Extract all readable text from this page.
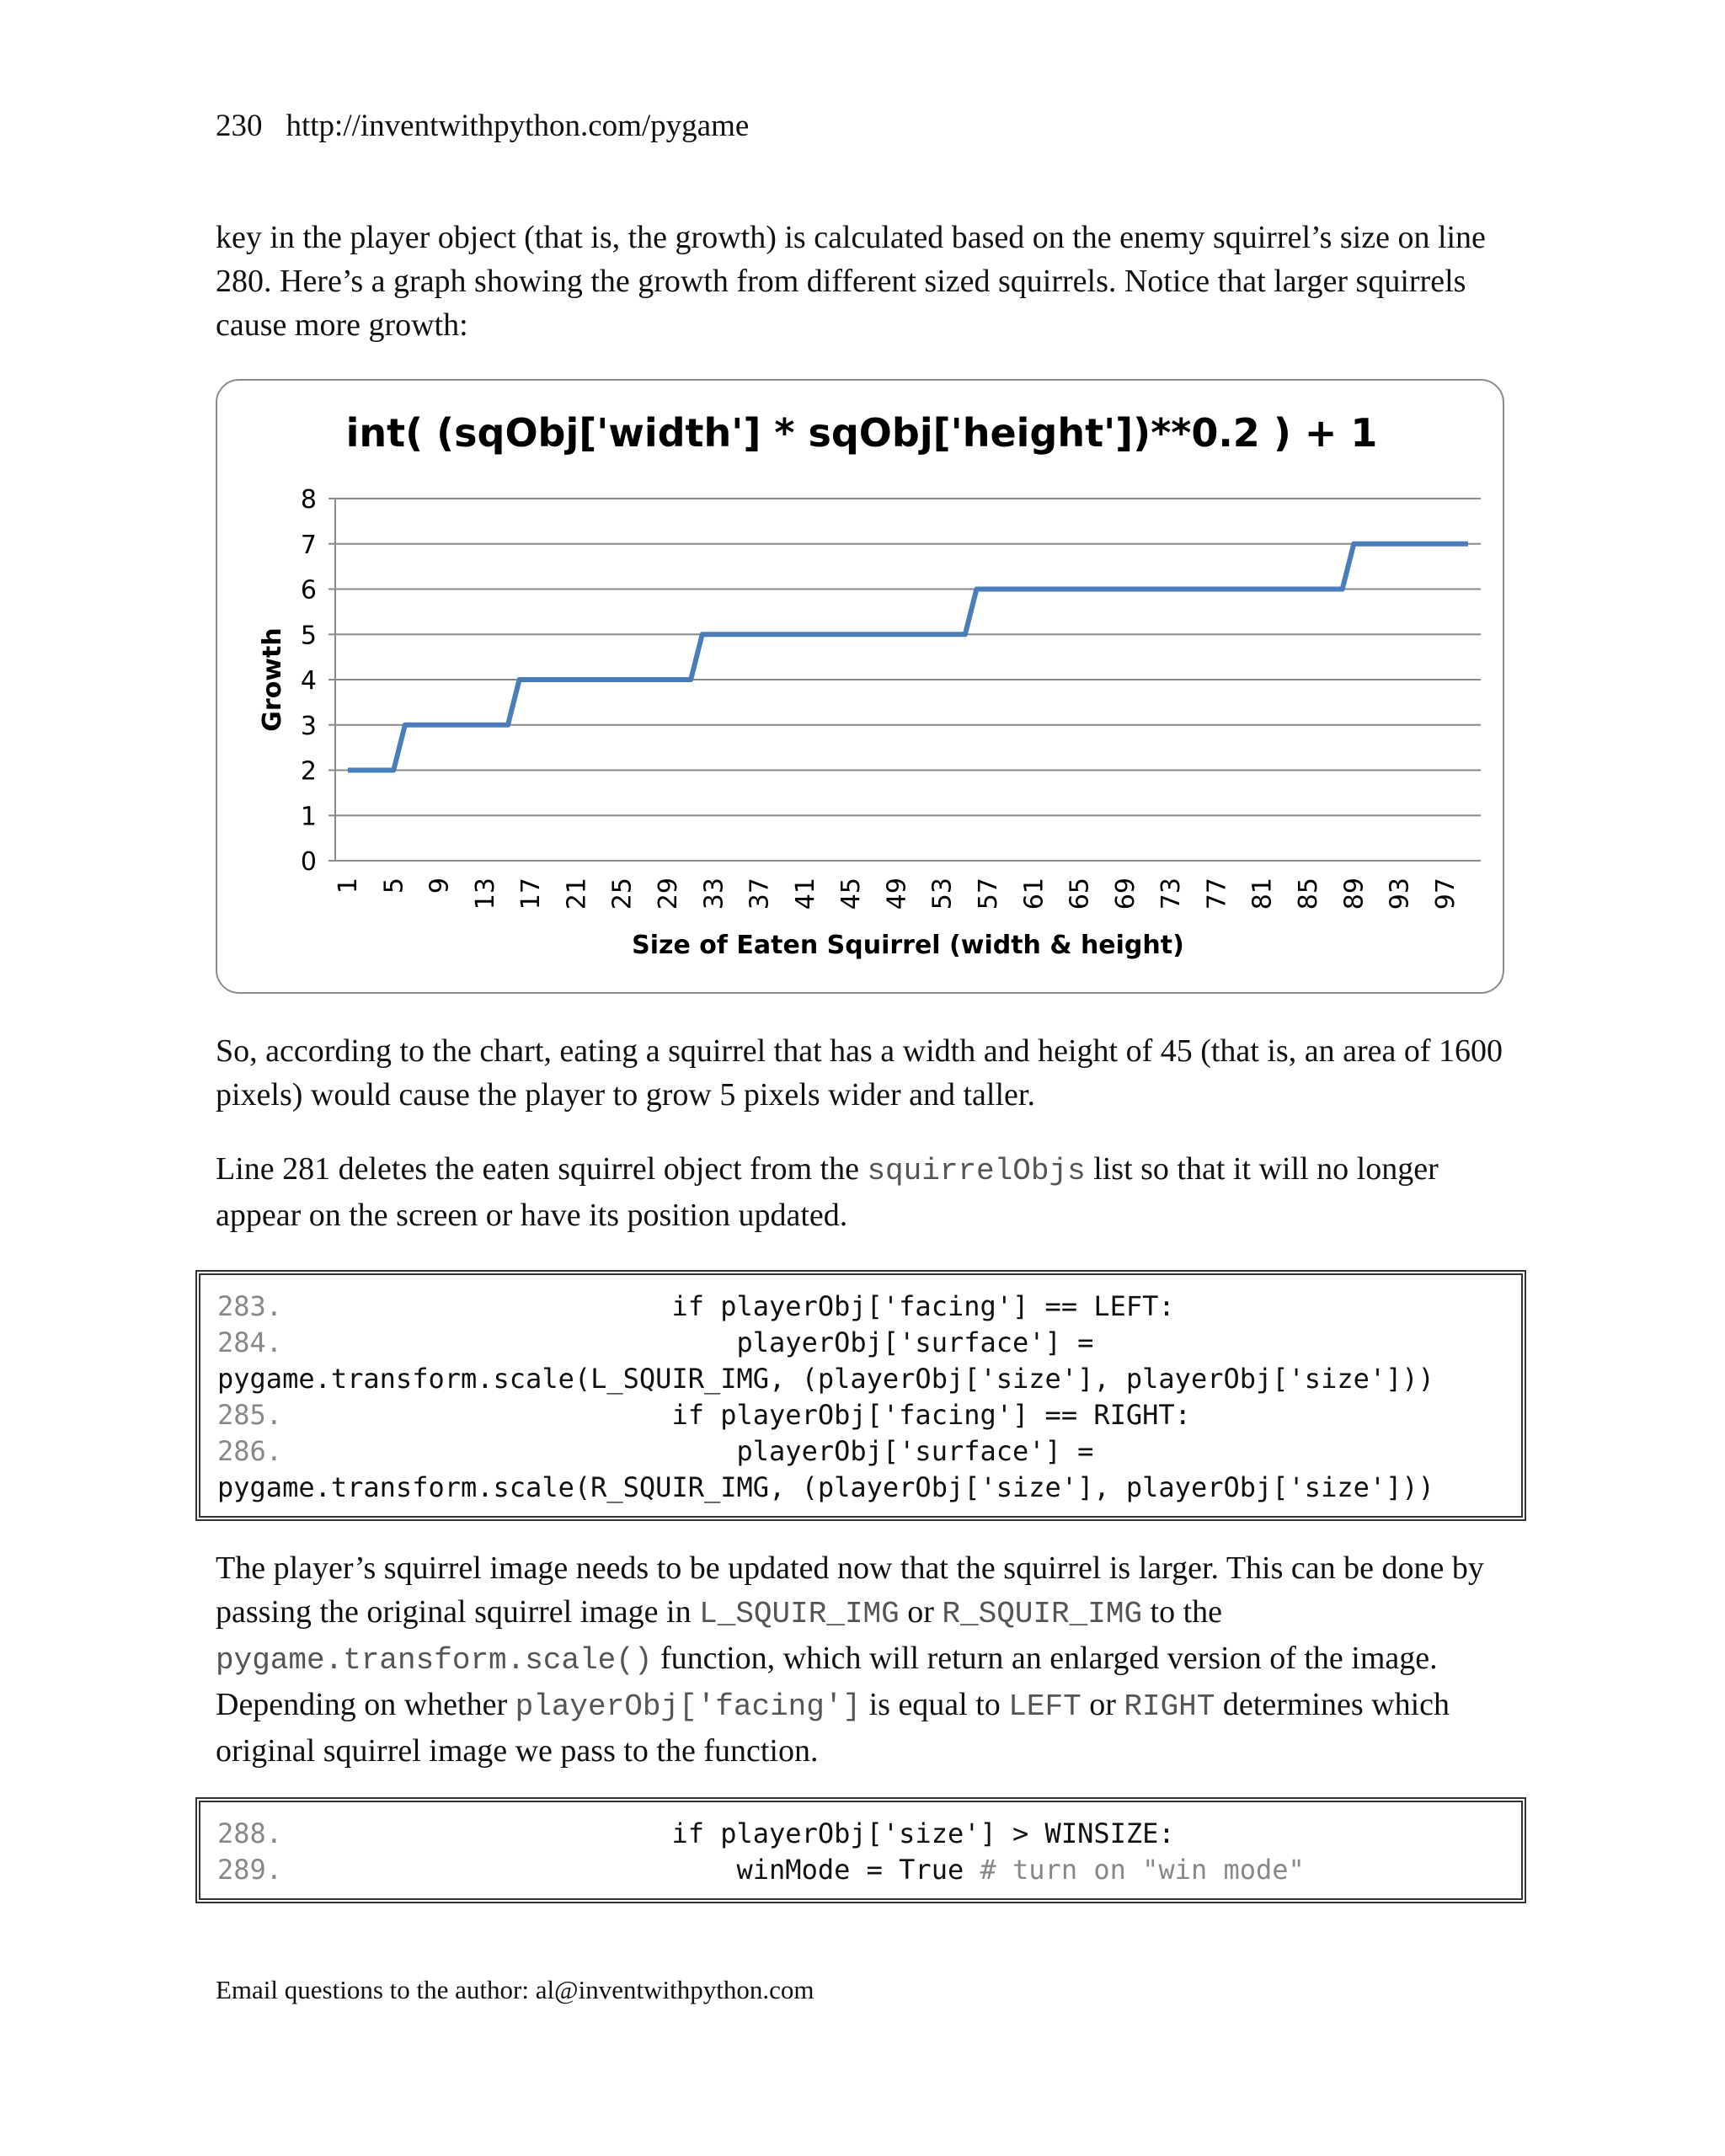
230 http://inventwithpython.com/pygame

key in the player object (that is, the growth) is calculated based on the enemy squirrel’s size on line 280. Here’s a graph showing the growth from different sized squirrels. Notice that larger squirrels cause more growth:

int( (sqObj['width'] * sqObj['height'])**0.2 ) + 1
0
1
2
3
4
5
6
7
8
1 5 9 13 17 21 25 29 33 37 41 45 49 53 57 61 65 69 73 77 81 85 89 93 97
Size of Eaten Squirrel (width & height)
Growth

So, according to the chart, eating a squirrel that has a width and height of 45 (that is, an area of 1600 pixels) would cause the player to grow 5 pixels wider and taller.

Line 281 deletes the eaten squirrel object from the squirrelObjs list so that it will no longer appear on the screen or have its position updated.

283.                        if playerObj['facing'] == LEFT:
284.                            playerObj['surface'] =
pygame.transform.scale(L_SQUIR_IMG, (playerObj['size'], playerObj['size']))
285.                        if playerObj['facing'] == RIGHT:
286.                            playerObj['surface'] =
pygame.transform.scale(R_SQUIR_IMG, (playerObj['size'], playerObj['size']))

The player’s squirrel image needs to be updated now that the squirrel is larger. This can be done by passing the original squirrel image in L_SQUIR_IMG or R_SQUIR_IMG to the pygame.transform.scale() function, which will return an enlarged version of the image. Depending on whether playerObj['facing'] is equal to LEFT or RIGHT determines which original squirrel image we pass to the function.

288.                        if playerObj['size'] > WINSIZE:
289.                            winMode = True # turn on "win mode"
Email questions to the author: al@inventwithpython.com
